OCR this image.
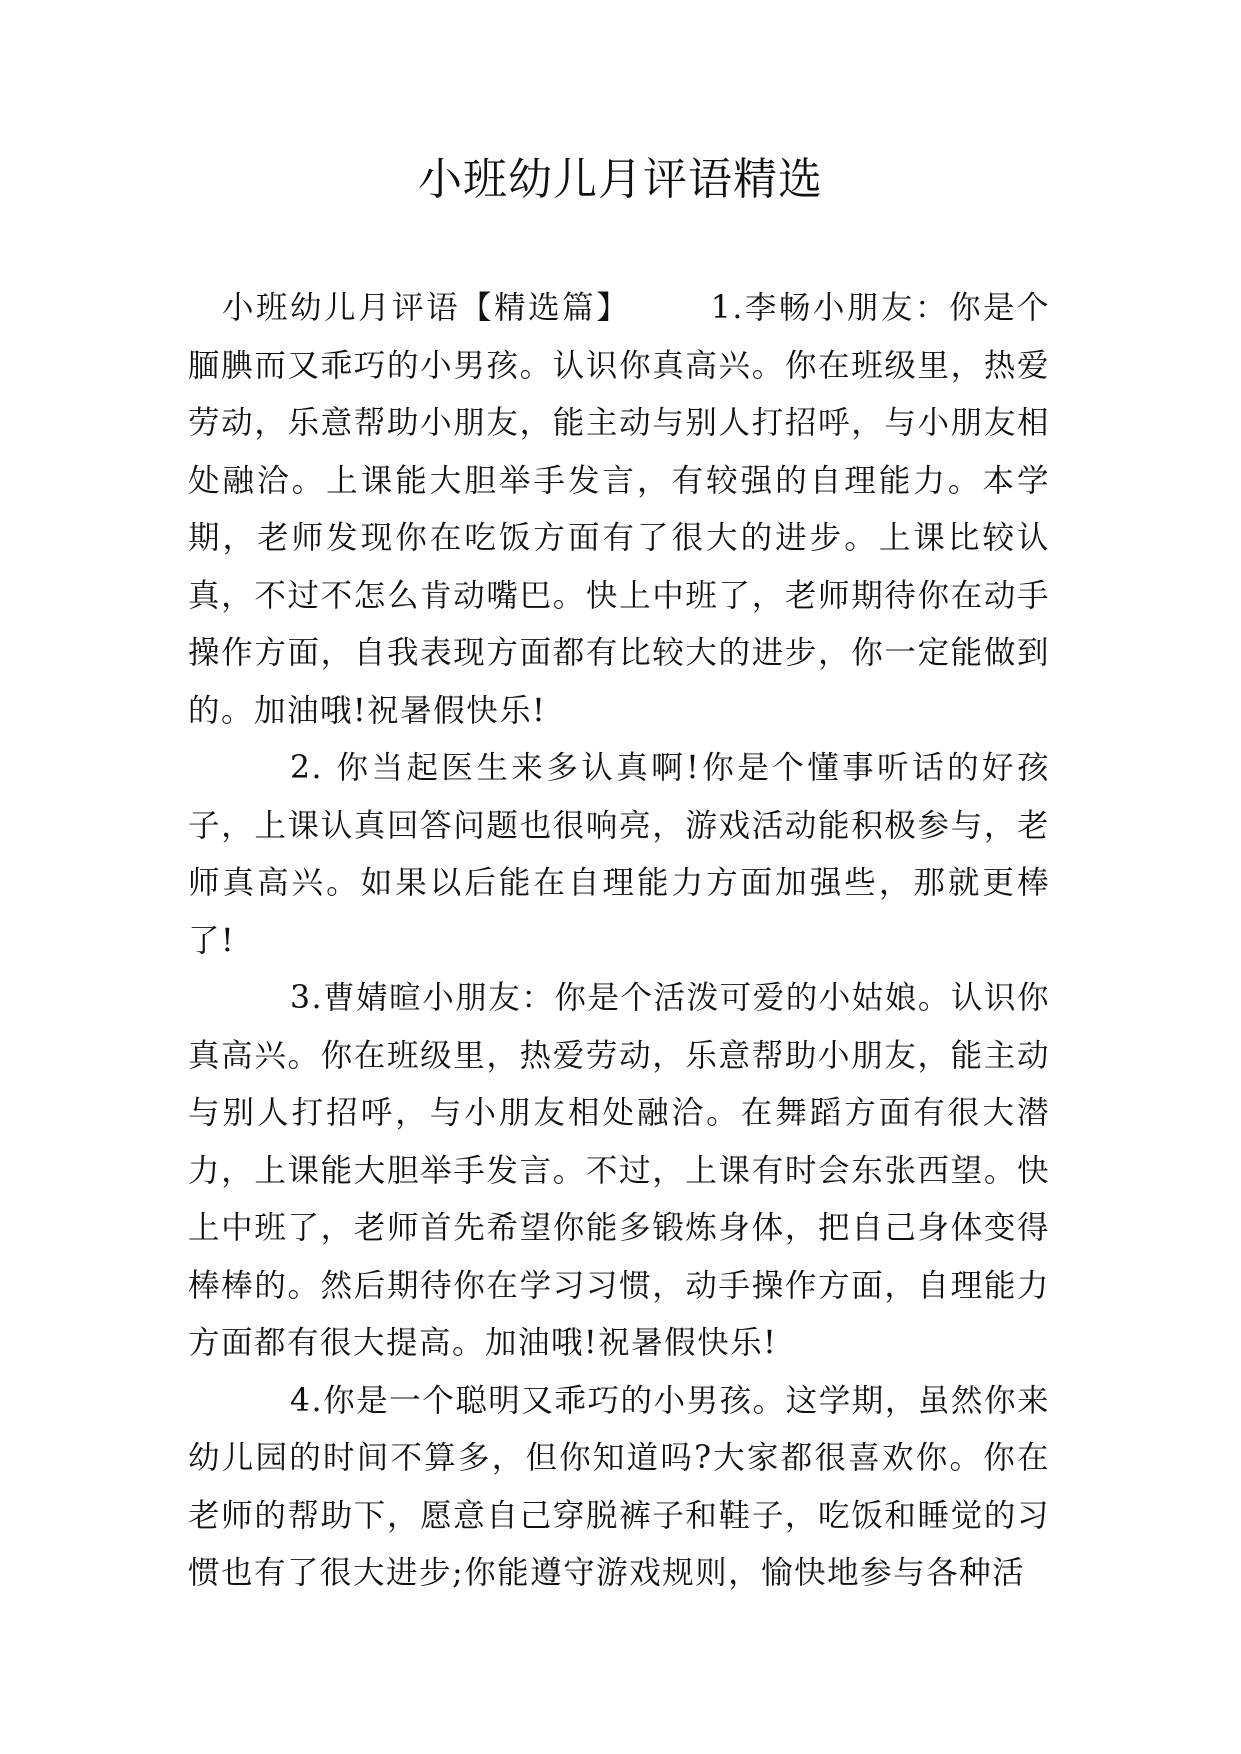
小班幼儿月评语精选

小班幼儿月评语【精选篇】 　　1.李畅小朋友：你是个腼腆而又乖巧的小男孩。认识你真高兴。你在班级里，热爱劳动，乐意帮助小朋友，能主动与别人打招呼，与小朋友相处融洽。上课能大胆举手发言，有较强的自理能力。本学期，老师发现你在吃饭方面有了很大的进步。上课比较认真，不过不怎么肯动嘴巴。快上中班了，老师期待你在动手操作方面，自我表现方面都有比较大的进步，你一定能做到的。加油哦!祝暑假快乐!

2. 你当起医生来多认真啊!你是个懂事听话的好孩子，上课认真回答问题也很响亮，游戏活动能积极参与，老师真高兴。如果以后能在自理能力方面加强些，那就更棒了!

3.曹婧暄小朋友：你是个活泼可爱的小姑娘。认识你真高兴。你在班级里，热爱劳动，乐意帮助小朋友，能主动与别人打招呼，与小朋友相处融洽。在舞蹈方面有很大潜力，上课能大胆举手发言。不过，上课有时会东张西望。快上中班了，老师首先希望你能多锻炼身体，把自己身体变得棒棒的。然后期待你在学习习惯，动手操作方面，自理能力方面都有很大提高。加油哦!祝暑假快乐!

4.你是一个聪明又乖巧的小男孩。这学期，虽然你来幼儿园的时间不算多，但你知道吗?大家都很喜欢你。你在老师的帮助下，愿意自己穿脱裤子和鞋子，吃饭和睡觉的习惯也有了很大进步;你能遵守游戏规则，愉快地参与各种活
